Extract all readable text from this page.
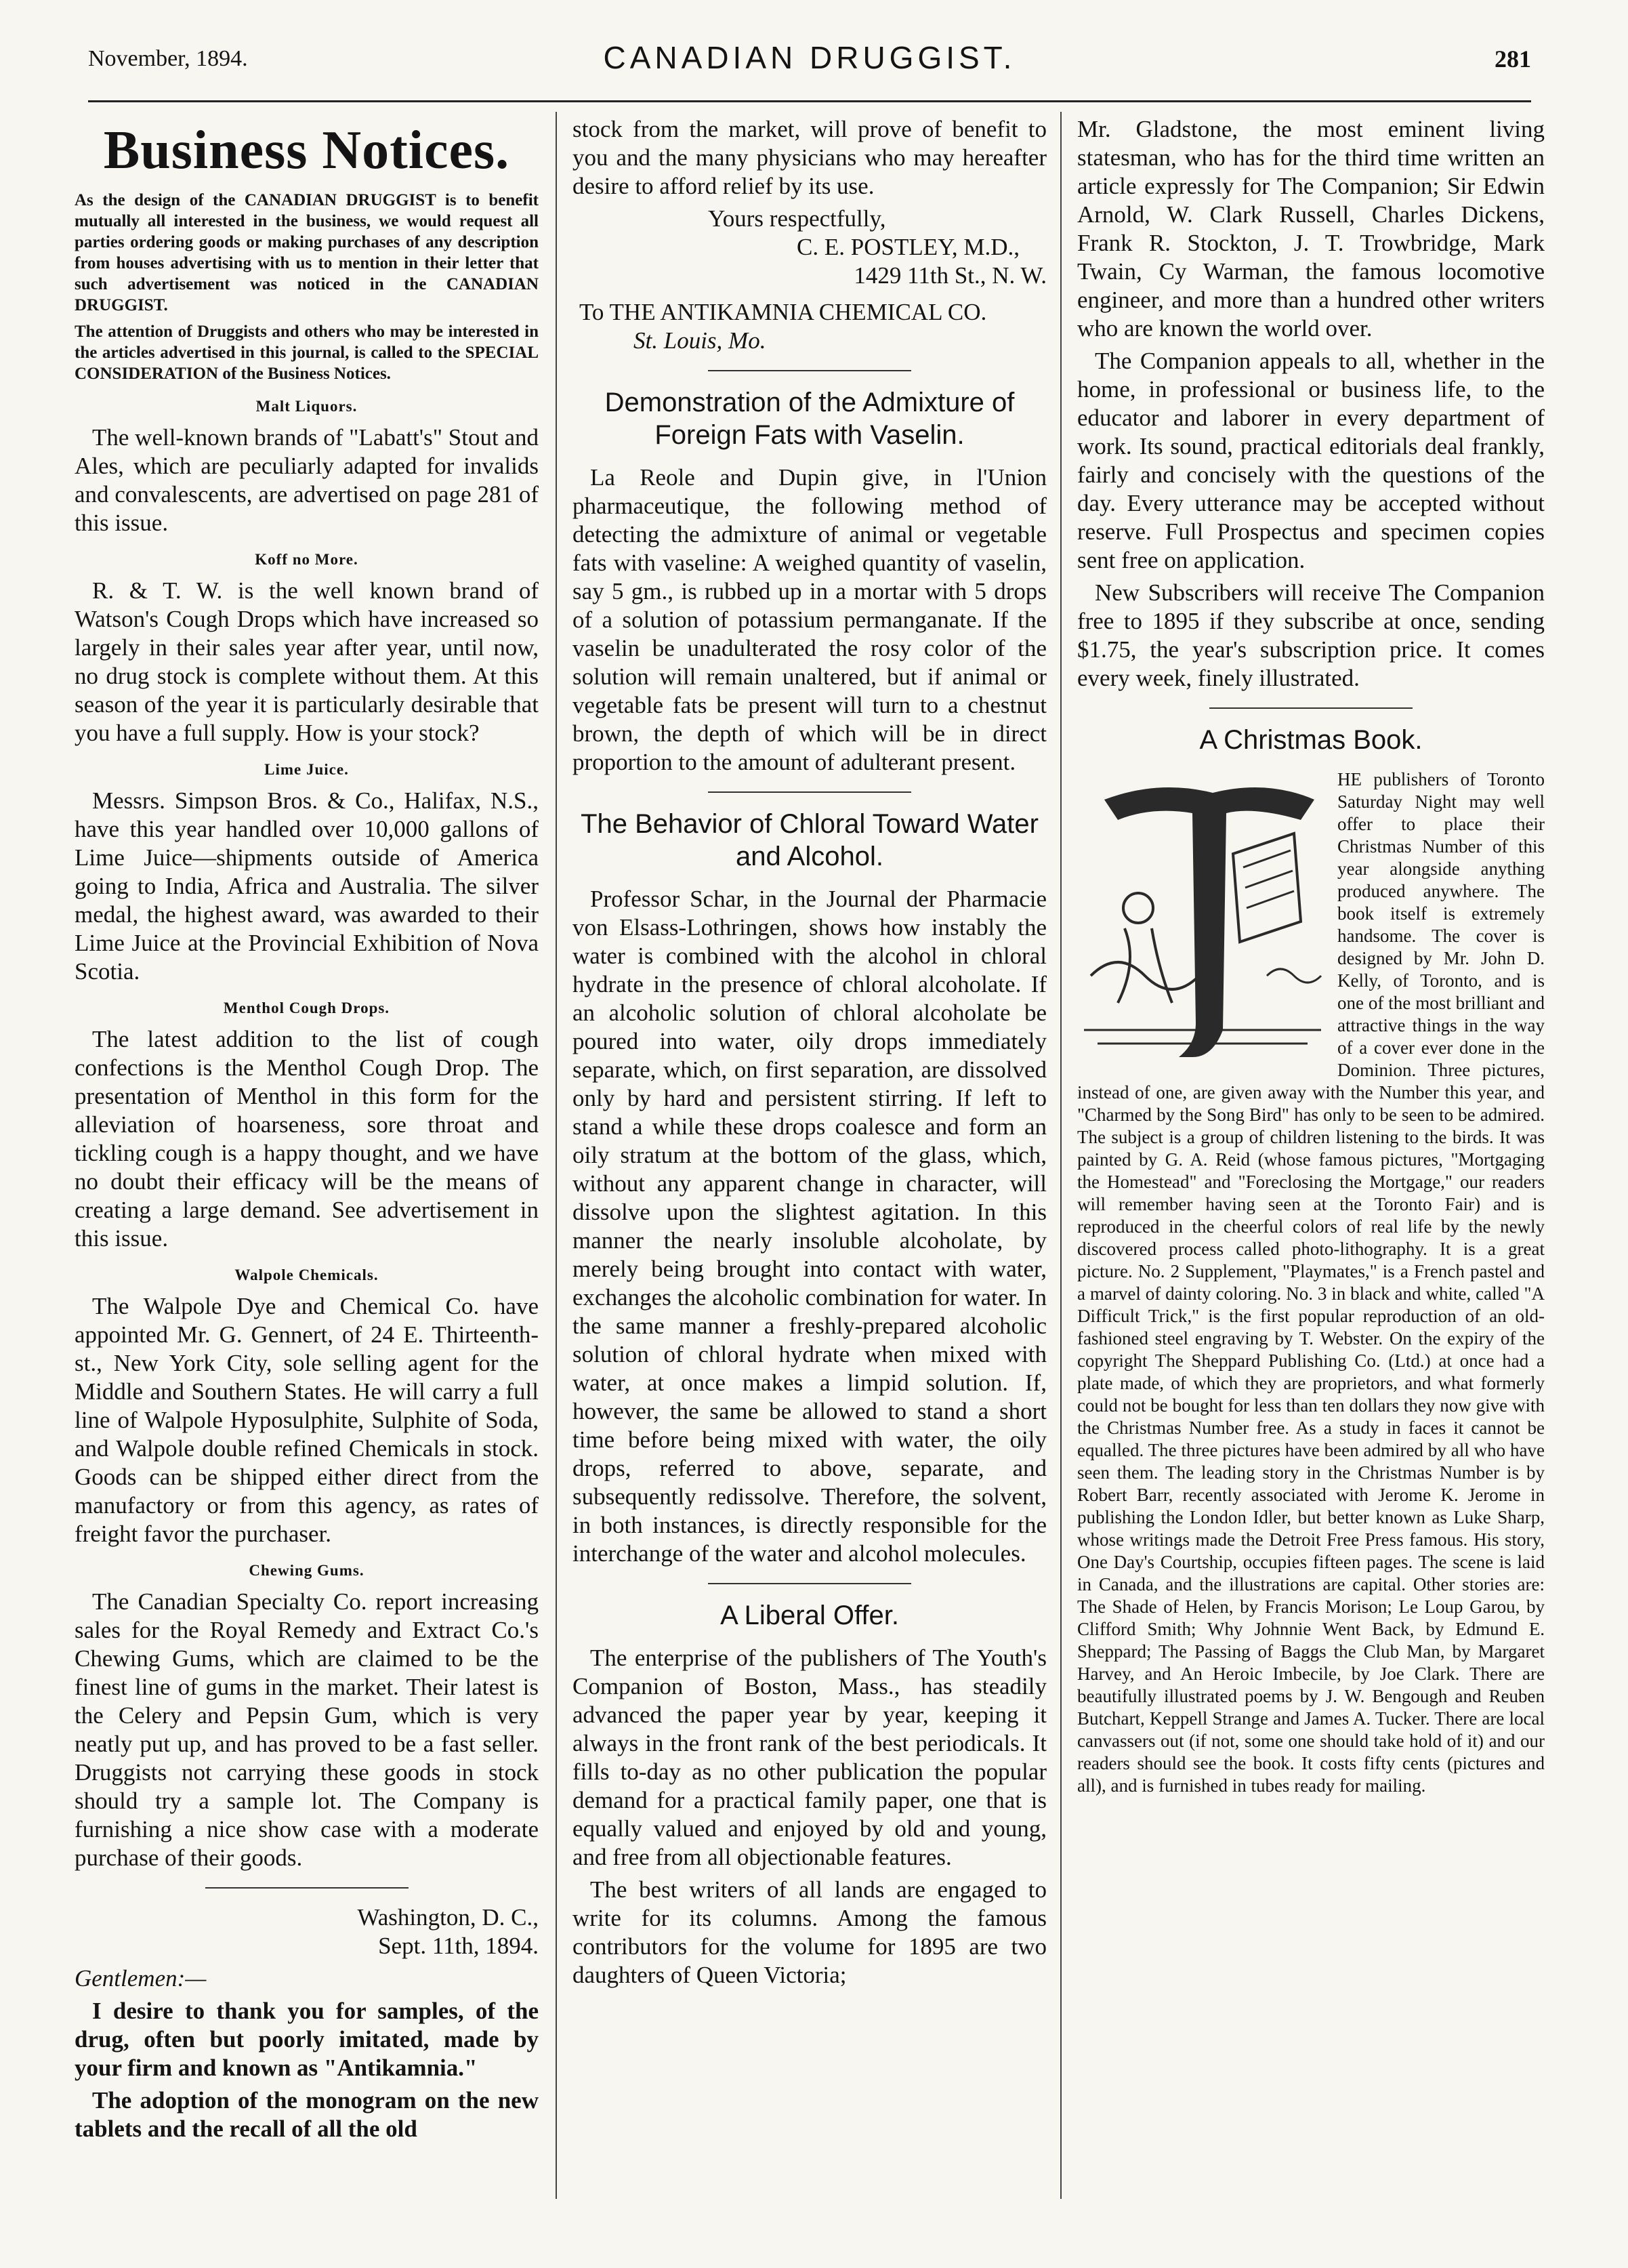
November, 1894.	CANADIAN DRUGGIST.	281
Business Notices.

As the design of the CANADIAN DRUGGIST is to benefit mutually all interested in the business, we would request all parties ordering goods or making purchases of any description from houses advertising with us to mention in their letter that such advertisement was noticed in the CANADIAN DRUGGIST.

The attention of Druggists and others who may be interested in the articles advertised in this journal, is called to the SPECIAL CONSIDERATION of the Business Notices.

Malt Liquors.

The well-known brands of "Labatt's" Stout and Ales, which are peculiarly adapted for invalids and convalescents, are advertised on page 281 of this issue.

Koff no More.

R. & T. W. is the well known brand of Watson's Cough Drops which have increased so largely in their sales year after year, until now, no drug stock is complete without them. At this season of the year it is particularly desirable that you have a full supply. How is your stock?

Lime Juice.

Messrs. Simpson Bros. & Co., Halifax, N.S., have this year handled over 10,000 gallons of Lime Juice—shipments outside of America going to India, Africa and Australia. The silver medal, the highest award, was awarded to their Lime Juice at the Provincial Exhibition of Nova Scotia.

Menthol Cough Drops.

The latest addition to the list of cough confections is the Menthol Cough Drop. The presentation of Menthol in this form for the alleviation of hoarseness, sore throat and tickling cough is a happy thought, and we have no doubt their efficacy will be the means of creating a large demand. See advertisement in this issue.

Walpole Chemicals.

The Walpole Dye and Chemical Co. have appointed Mr. G. Gennert, of 24 E. Thirteenth-st., New York City, sole selling agent for the Middle and Southern States. He will carry a full line of Walpole Hyposulphite, Sulphite of Soda, and Walpole double refined Chemicals in stock. Goods can be shipped either direct from the manufactory or from this agency, as rates of freight favor the purchaser.

Chewing Gums.

The Canadian Specialty Co. report increasing sales for the Royal Remedy and Extract Co.'s Chewing Gums, which are claimed to be the finest line of gums in the market. Their latest is the Celery and Pepsin Gum, which is very neatly put up, and has proved to be a fast seller. Druggists not carrying these goods in stock should try a sample lot. The Company is furnishing a nice show case with a moderate purchase of their goods.

Washington, D. C.,

Sept. 11th, 1894.

Gentlemen:—

I desire to thank you for samples, of the drug, often but poorly imitated, made by your firm and known as "Antikamnia."

The adoption of the monogram on the new tablets and the recall of all the old

stock from the market, will prove of benefit to you and the many physicians who may hereafter desire to afford relief by its use.

Yours respectfully,

C. E. POSTLEY, M.D.,

1429 11th St., N. W.

To THE ANTIKAMNIA CHEMICAL CO.

St. Louis, Mo.

Demonstration of the Admixture of Foreign Fats with Vaselin.

La Reole and Dupin give, in l'Union pharmaceutique, the following method of detecting the admixture of animal or vegetable fats with vaseline: A weighed quantity of vaselin, say 5 gm., is rubbed up in a mortar with 5 drops of a solution of potassium permanganate. If the vaselin be unadulterated the rosy color of the solution will remain unaltered, but if animal or vegetable fats be present will turn to a chestnut brown, the depth of which will be in direct proportion to the amount of adulterant present.

The Behavior of Chloral Toward Water and Alcohol.

Professor Schar, in the Journal der Pharmacie von Elsass-Lothringen, shows how instably the water is combined with the alcohol in chloral hydrate in the presence of chloral alcoholate. If an alcoholic solution of chloral alcoholate be poured into water, oily drops immediately separate, which, on first separation, are dissolved only by hard and persistent stirring. If left to stand a while these drops coalesce and form an oily stratum at the bottom of the glass, which, without any apparent change in character, will dissolve upon the slightest agitation. In this manner the nearly insoluble alcoholate, by merely being brought into contact with water, exchanges the alcoholic combination for water. In the same manner a freshly-prepared alcoholic solution of chloral hydrate when mixed with water, at once makes a limpid solution. If, however, the same be allowed to stand a short time before being mixed with water, the oily drops, referred to above, separate, and subsequently redissolve. Therefore, the solvent, in both instances, is directly responsible for the interchange of the water and alcohol molecules.

A Liberal Offer.

The enterprise of the publishers of The Youth's Companion of Boston, Mass., has steadily advanced the paper year by year, keeping it always in the front rank of the best periodicals. It fills to-day as no other publication the popular demand for a practical family paper, one that is equally valued and enjoyed by old and young, and free from all objectionable features.

The best writers of all lands are engaged to write for its columns. Among the famous contributors for the volume for 1895 are two daughters of Queen Victoria;

Mr. Gladstone, the most eminent living statesman, who has for the third time written an article expressly for The Companion; Sir Edwin Arnold, W. Clark Russell, Charles Dickens, Frank R. Stockton, J. T. Trowbridge, Mark Twain, Cy Warman, the famous locomotive engineer, and more than a hundred other writers who are known the world over.

The Companion appeals to all, whether in the home, in professional or business life, to the educator and laborer in every department of work. Its sound, practical editorials deal frankly, fairly and concisely with the questions of the day. Every utterance may be accepted without reserve. Full Prospectus and specimen copies sent free on application.

New Subscribers will receive The Companion free to 1895 if they subscribe at once, sending $1.75, the year's subscription price. It comes every week, finely illustrated.

A Christmas Book.

HE publishers of Toronto Saturday Night may well offer to place their Christmas Number of this year alongside anything produced anywhere. The book itself is extremely handsome. The cover is designed by Mr. John D. Kelly, of Toronto, and is one of the most brilliant and attractive things in the way of a cover ever done in the Dominion. Three pictures, instead of one, are given away with the Number this year, and "Charmed by the Song Bird" has only to be seen to be admired. The subject is a group of children listening to the birds. It was painted by G. A. Reid (whose famous pictures, "Mortgaging the Homestead" and "Foreclosing the Mortgage," our readers will remember having seen at the Toronto Fair) and is reproduced in the cheerful colors of real life by the newly discovered process called photo-lithography. It is a great picture. No. 2 Supplement, "Playmates," is a French pastel and a marvel of dainty coloring. No. 3 in black and white, called "A Difficult Trick," is the first popular reproduction of an old-fashioned steel engraving by T. Webster. On the expiry of the copyright The Sheppard Publishing Co. (Ltd.) at once had a plate made, of which they are proprietors, and what formerly could not be bought for less than ten dollars they now give with the Christmas Number free. As a study in faces it cannot be equalled. The three pictures have been admired by all who have seen them. The leading story in the Christmas Number is by Robert Barr, recently associated with Jerome K. Jerome in publishing the London Idler, but better known as Luke Sharp, whose writings made the Detroit Free Press famous. His story, One Day's Courtship, occupies fifteen pages. The scene is laid in Canada, and the illustrations are capital. Other stories are: The Shade of Helen, by Francis Morison; Le Loup Garou, by Clifford Smith; Why Johnnie Went Back, by Edmund E. Sheppard; The Passing of Baggs the Club Man, by Margaret Harvey, and An Heroic Imbecile, by Joe Clark. There are beautifully illustrated poems by J. W. Bengough and Reuben Butchart, Keppell Strange and James A. Tucker. There are local canvassers out (if not, some one should take hold of it) and our readers should see the book. It costs fifty cents (pictures and all), and is furnished in tubes ready for mailing.
